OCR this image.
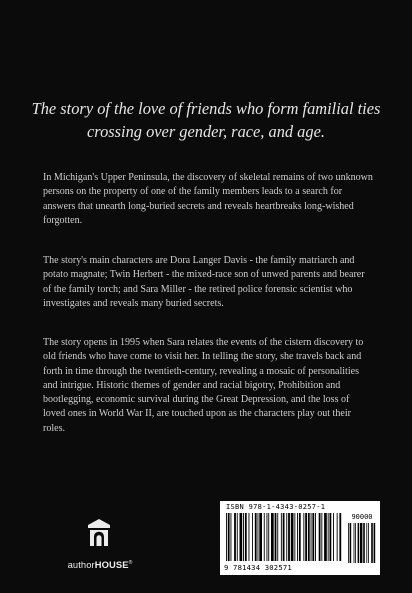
The story of the love of friends who form familial ties crossing over gender, race, and age.

In Michigan's Upper Peninsula, the discovery of skeletal remains of two unknown persons on the property of one of the family members leads to a search for answers that unearth long-buried secrets and reveals heartbreaks long-wished forgotten.

The story's main characters are Dora Langer Davis - the family matriarch and potato magnate; Twin Herbert - the mixed-race son of unwed parents and bearer of the family torch; and Sara Miller - the retired police forensic scientist who investigates and reveals many buried secrets.

The story opens in 1995 when Sara relates the events of the cistern discovery to old friends who have come to visit her. In telling the story, she travels back and forth in time through the twentieth-century, revealing a mosaic of personalities and intrigue. Historic themes of gender and racial bigotry, Prohibition and bootlegging, economic survival during the Great Depression, and the loss of loved ones in World War II, are touched upon as the characters play out their roles.

authorHOUSE®
ISBN 978-1-4343-0257-1
90000
9 781434 302571
